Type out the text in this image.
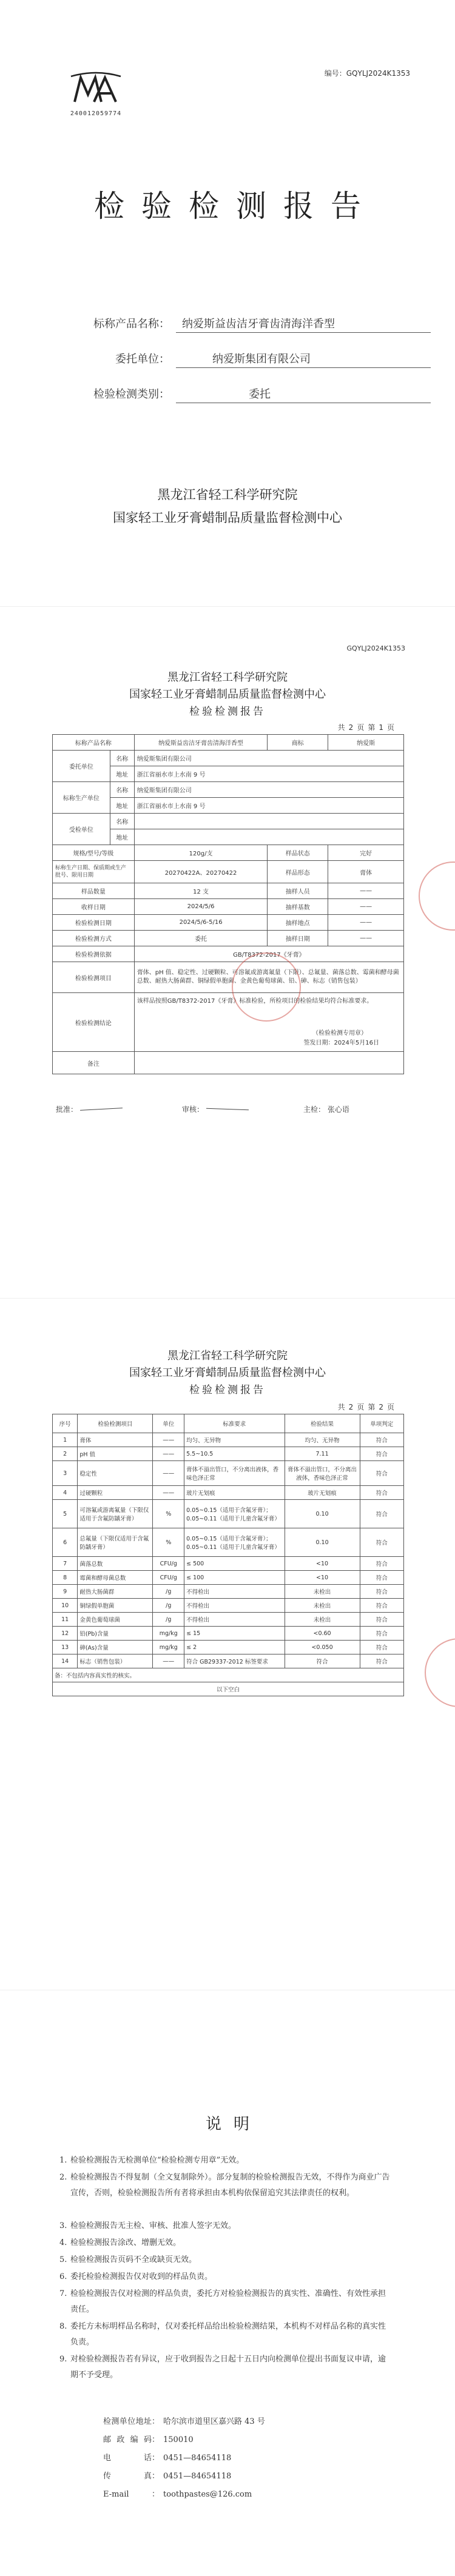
240012059774
编号：GQYLJ2024K1353
检验检测报告
标称产品名称： 纳爱斯益齿洁牙膏齿清海洋香型
委托单位：	纳爱斯集团有限公司
检验检测类别：	委托
黑龙江省轻工科学研究院
国家轻工业牙膏蜡制品质量监督检测中心
GQYLJ2024K1353
黑龙江省轻工科学研究院
国家轻工业牙膏蜡制品质量监督检测中心
检验检测报告
共 2 页 第 1 页
标称产品名称		纳爱斯益齿洁牙膏齿清海洋香型	商标	纳爱斯
委托单位	名称	纳爱斯集团有限公司		
	地址	浙江省丽水市上水南 9 号		
标称生产单位	名称	纳爱斯集团有限公司		
	地址	浙江省丽水市上水南 9 号		
受检单位	名称			
	地址			
规格/型号/等级		120g/支	样品状态	完好
标称生产日期、保质期或生产批号、限用日期		20270422A、20270422	样品形态	膏体
样品数量		12 支	抽样人员	——
收样日期		2024/5/6	抽样基数	——
检验检测日期		2024/5/6-5/16	抽样地点	——
检验检测方式		委托	抽样日期	——
检验检测依据		GB/T8372-2017《牙膏》		
检验检测项目		膏体、pH 值、稳定性、过硬颗粒、可溶氟或游离氟量（下限）、总氟量、菌落总数、霉菌和酵母菌总数、耐热大肠菌群、铜绿假单胞菌、金黄色葡萄球菌、铅、砷、标志（销售包装）		
检验检测结论		该样品按照GB/T8372-2017《牙膏》标准检验，所检项目的检验结果均符合标准要求。
（检验检测专用章）
签发日期：2024年5月16日		

备注				
批准：	审核：	主检： 张心语
黑龙江省轻工科学研究院
国家轻工业牙膏蜡制品质量监督检测中心
检验检测报告
共 2 页 第 2 页
序号	检验检测项目	单位	标准要求	检验结果	单项判定
1	膏体	——	均匀、无异物	均匀、无异物	符合
2	pH 值	——	5.5~10.5	7.11	符合
3	稳定性	——	膏体不溢出管口，不分离出液体，香味色泽正常	膏体不溢出管口，不分离出液体，香味色泽正常	符合
4	过硬颗粒	——	玻片无划痕	玻片无划痕	符合
5	可溶氟或游离氟量（下限仅适用于含氟防龋牙膏）	%	0.05~0.15（适用于含氟牙膏）；0.05~0.11（适用于儿童含氟牙膏）	0.10	符合
6	总氟量（下限仅适用于含氟防龋牙膏）	%	0.05~0.15（适用于含氟牙膏）；0.05~0.11（适用于儿童含氟牙膏）	0.10	符合
7	菌落总数	CFU/g	≤ 500	<10	符合
8	霉菌和酵母菌总数	CFU/g	≤ 100	<10	符合
9	耐热大肠菌群	/g	不得检出	未检出	符合
10	铜绿假单胞菌	/g	不得检出	未检出	符合
11	金黄色葡萄球菌	/g	不得检出	未检出	符合
12	铅(Pb)含量	mg/kg	≤ 15	<0.60	符合
13	砷(As)含量	mg/kg	≤ 2	<0.050	符合
14	标志（销售包装）	——	符合 GB29337-2012 标签要求	符合	符合
备：不包括内容真实性的核实。					
以下空白					
说明
1. 检验检测报告无检测单位“检验检测专用章”无效。
2. 检验检测报告不得复制（全文复制除外）。部分复制的检验检测报告无效，不得作为商业广告宣传，否则，检验检测报告所有者将承担由本机构依保留追究其法律责任的权利。
3. 检验检测报告无主检、审核、批准人签字无效。
4. 检验检测报告涂改、增删无效。
5. 检验检测报告页码不全或缺页无效。
6. 委托检验检测报告仅对收到的样品负责。
7. 检验检测报告仅对检测的样品负责，委托方对检验检测报告的真实性、准确性、有效性承担责任。
8. 委托方未标明样品名称时，仅对委托样品给出检验检测结果，本机构不对样品名称的真实性负责。
9. 对检验检测报告若有异议，应于收到报告之日起十五日内向检测单位提出书面复议申请，逾期不予受理。
检测单位地址： 哈尔滨市道里区嘉兴路 43 号
邮政编码： 150010
电话： 0451—84654118
传真： 0451—84654118
E-mail	： toothpastes@126.com
